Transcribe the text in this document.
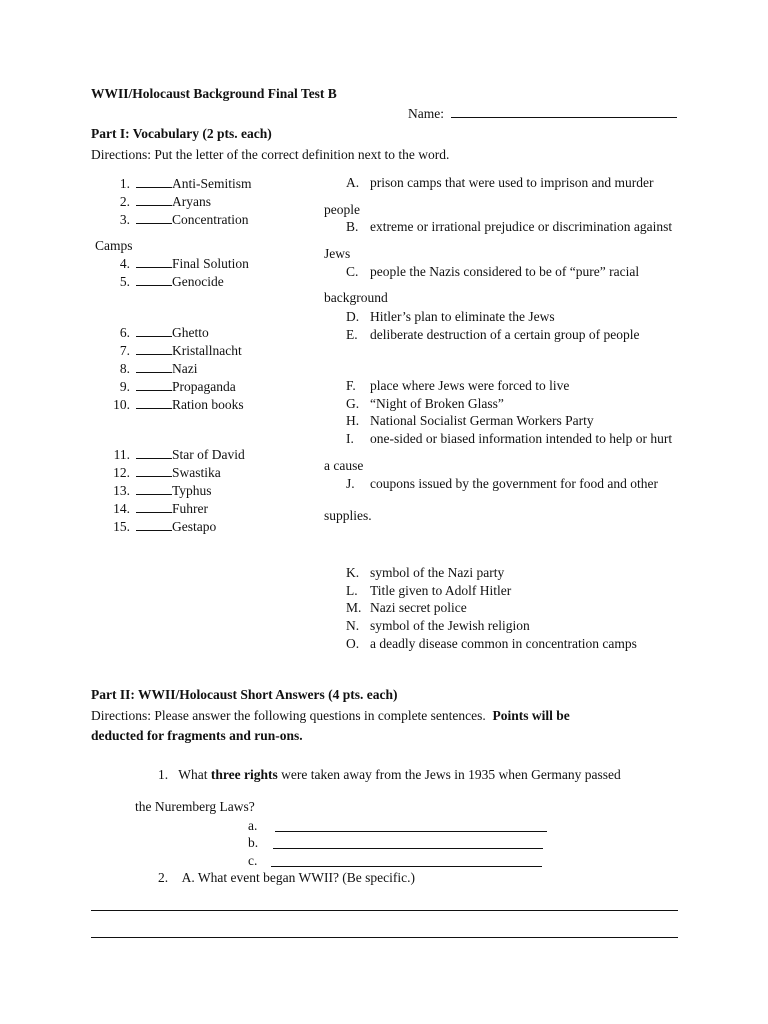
WWII/Holocaust Background Final Test B
Name:
Part I: Vocabulary (2 pts. each)
Directions: Put the letter of the correct definition next to the word.
1.	Anti-Semitism
2.	Aryans
3.	Concentration
Camps
4.	Final Solution
5.	Genocide
6.	Ghetto
7.	Kristallnacht
8.	Nazi
9.	Propaganda
10.	Ration books
11.	Star of David
12.	Swastika
13.	Typhus
14.	Fuhrer
15.	Gestapo
A. prison camps that were used to imprison and murder
people
B. extreme or irrational prejudice or discrimination against
Jews
C. people the Nazis considered to be of “pure” racial
background
D. Hitler’s plan to eliminate the Jews
E. deliberate destruction of a certain group of people
F. place where Jews were forced to live
G. “Night of Broken Glass”
H. National Socialist German Workers Party
I. one-sided or biased information intended to help or hurt
a cause
J. coupons issued by the government for food and other
supplies.
K. symbol of the Nazi party
L. Title given to Adolf Hitler
M. Nazi secret police
N. symbol of the Jewish religion
O. a deadly disease common in concentration camps
Part II: WWII/Holocaust Short Answers (4 pts. each)
Directions: Please answer the following questions in complete sentences. Points will be
deducted for fragments and run-ons.
1. What three rights were taken away from the Jews in 1935 when Germany passed
the Nuremberg Laws?
a.
b.
c.
2. A. What event began WWII? (Be specific.)
